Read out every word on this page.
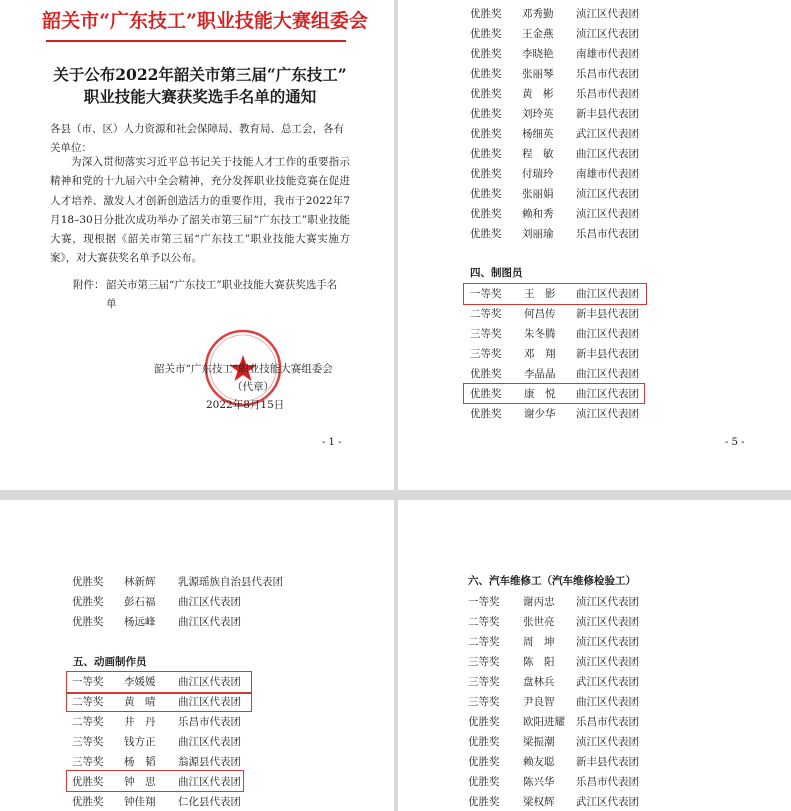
韶关市“广东技工”职业技能大赛组委会
关于公布2022年韶关市第三届“广东技工”
职业技能大赛获奖选手名单的通知
各县（市、区）人力资源和社会保障局、教育局、总工会，各有关单位：
为深入贯彻落实习近平总书记关于技能人才工作的重要指示精神和党的十九届六中全会精神，充分发挥职业技能竞赛在促进人才培养、激发人才创新创造活力的重要作用，我市于2022年7月18–30日分批次成功举办了韶关市第三届“广东技工”职业技能大赛，现根据《韶关市第三届“广东技工”职业技能大赛实施方案》，对大赛获奖名单予以公布。
附件： 韶关市第三届“广东技工”职业技能大赛获奖选手名单
韶关市“广东技工”职业技能大赛组委会
（代章）
2022年8月15日
- 1 -
优胜奖 邓秀勤 浈江区代表团
优胜奖 王金燕 浈江区代表团
优胜奖 李晓艳 南雄市代表团
优胜奖 张丽琴 乐昌市代表团
优胜奖 黄　彬 乐昌市代表团
优胜奖 刘玲英 新丰县代表团
优胜奖 杨细英 武江区代表团
优胜奖 程　敏 曲江区代表团
优胜奖 付瑞玲 南雄市代表团
优胜奖 张丽娟 浈江区代表团
优胜奖 赖和秀 浈江区代表团
优胜奖 刘丽瑜 乐昌市代表团
四、制图员
一等奖 王　影 曲江区代表团
二等奖 何昌传 新丰县代表团
三等奖 朱冬腾 曲江区代表团
三等奖 邓　翔 新丰县代表团
优胜奖 李晶晶 曲江区代表团
优胜奖 康　悦 曲江区代表团
优胜奖 谢少华 浈江区代表团
- 5 -
优胜奖 林新辉 乳源瑶族自治县代表团
优胜奖 彭石福 曲江区代表团
优胜奖 杨远峰 曲江区代表团
五、动画制作员
一等奖 李媛媛 曲江区代表团
二等奖 黄　晴 曲江区代表团
二等奖 井　丹 乐昌市代表团
三等奖 钱方正 曲江区代表团
三等奖 杨　韬 翁源县代表团
优胜奖 钟　思 曲江区代表团
优胜奖 钟佳翔 仁化县代表团
六、汽车维修工（汽车维修检验工）
一等奖 谢丙忠 浈江区代表团
二等奖 张世亮 浈江区代表团
二等奖 周　坤 浈江区代表团
三等奖 陈　阳 浈江区代表团
三等奖 盘林兵 武江区代表团
三等奖 尹良智 曲江区代表团
优胜奖 欧阳进耀 乐昌市代表团
优胜奖 梁振潮 浈江区代表团
优胜奖 赖友聪 新丰县代表团
优胜奖 陈兴华 乐昌市代表团
优胜奖 梁权辉 武江区代表团
